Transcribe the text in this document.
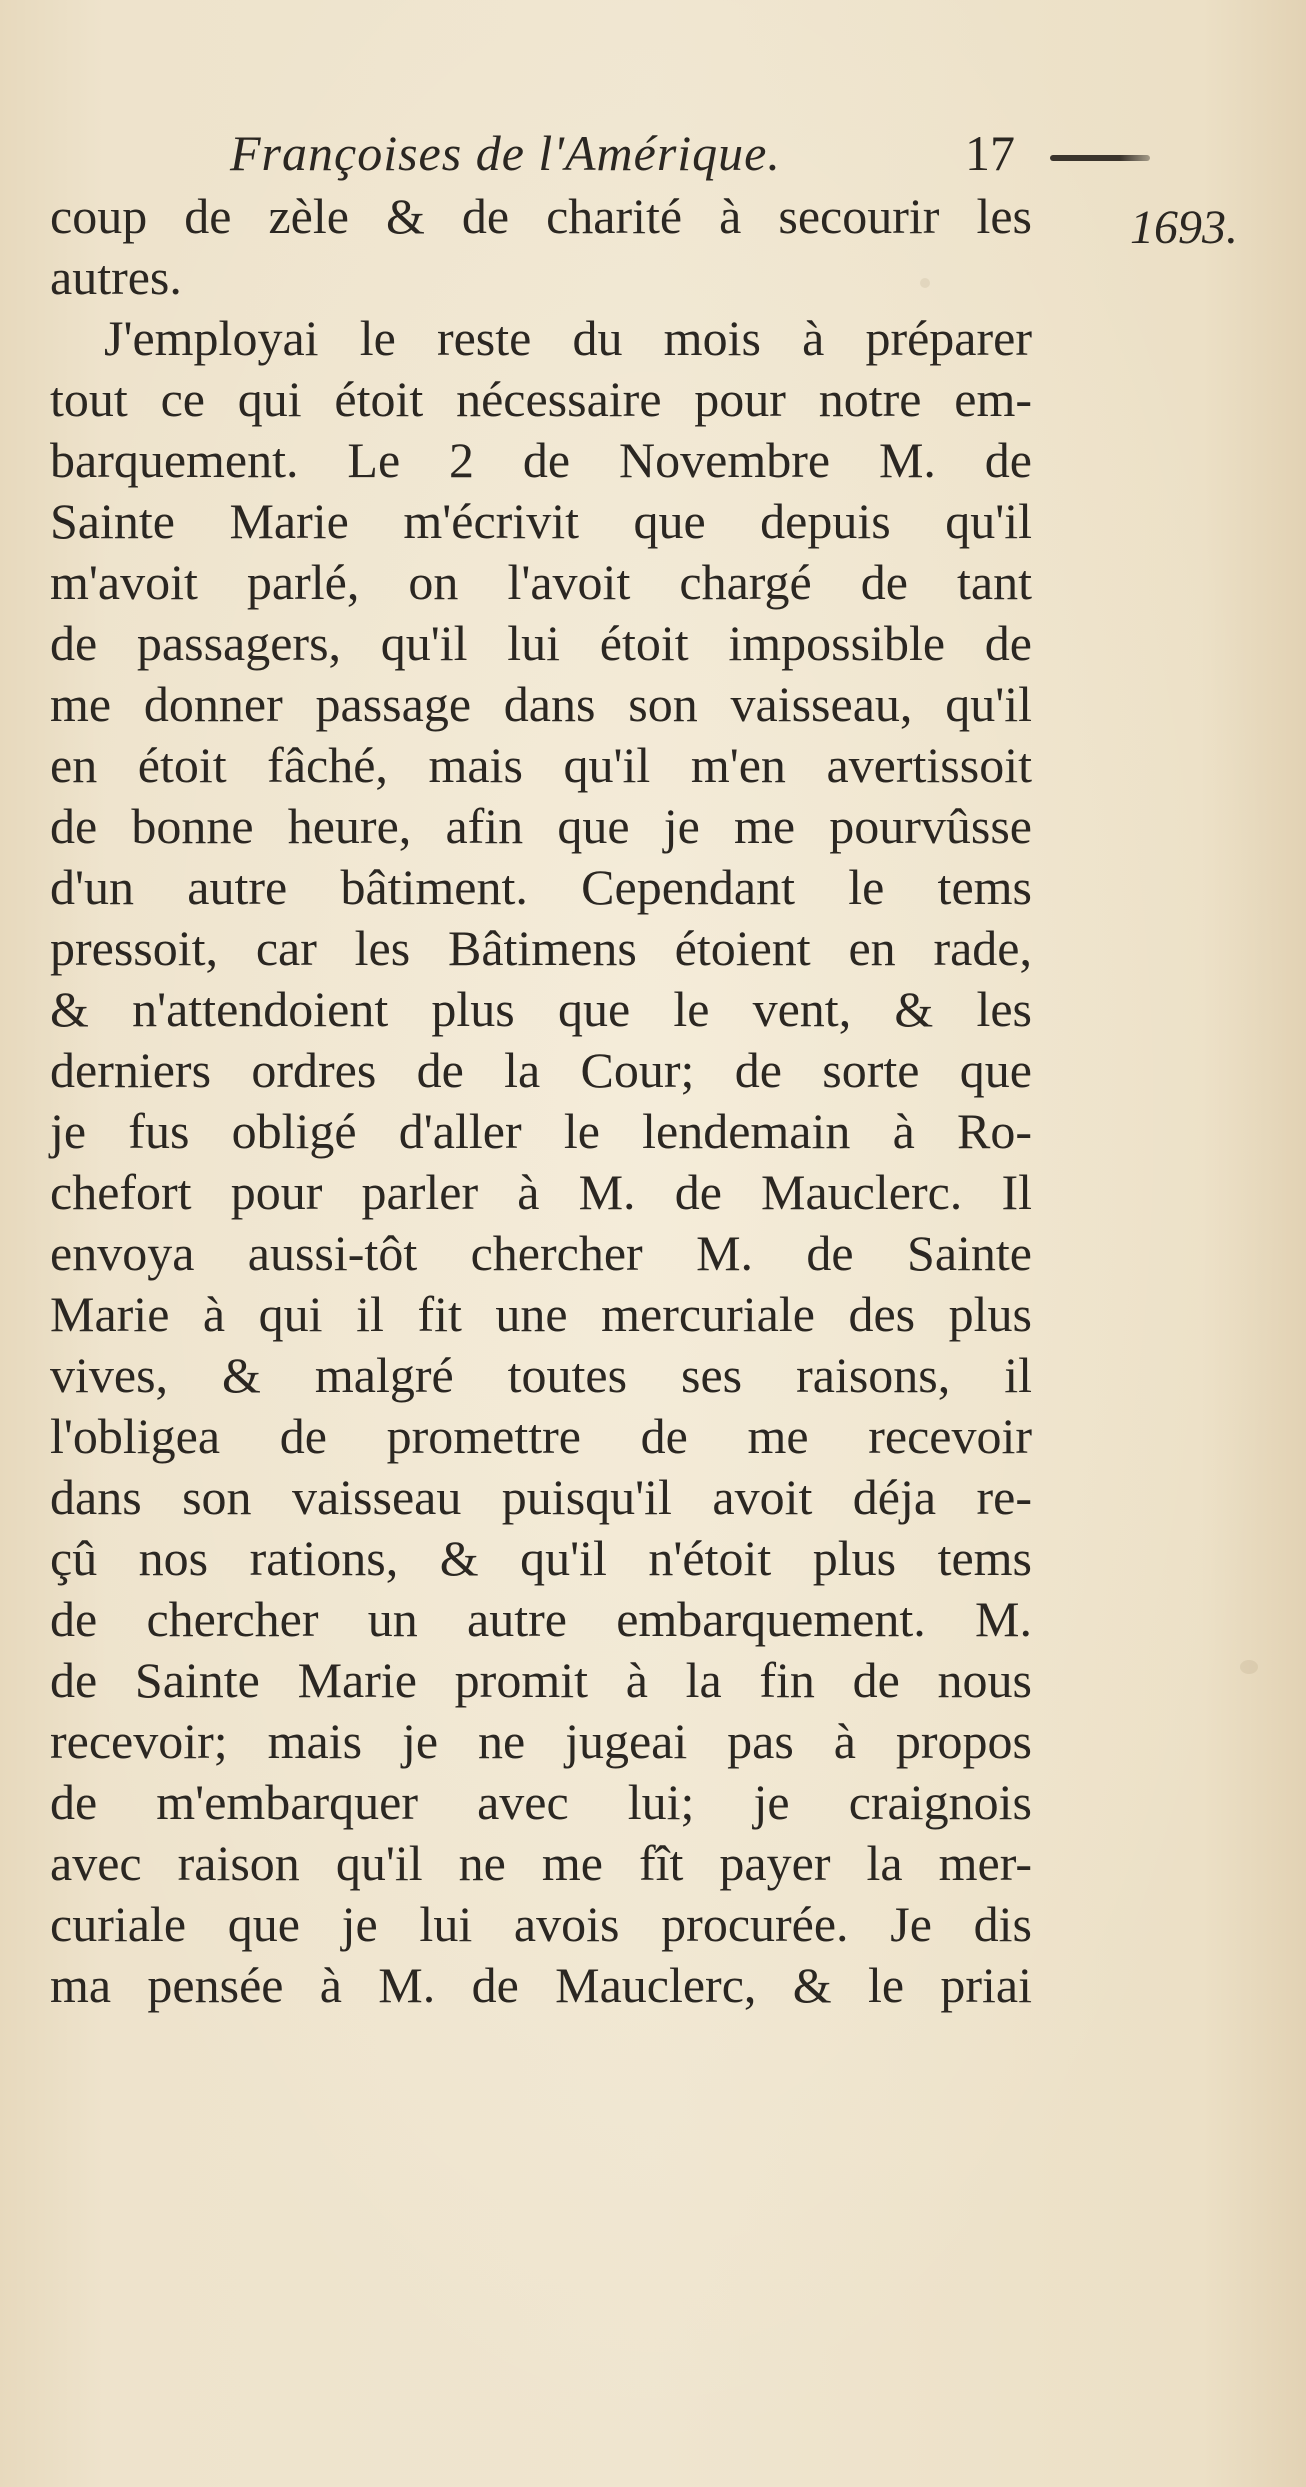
Françoises de l'Amérique.	17
1693.
coup de zèle & de charité à secourir les
autres.
J'employai le reste du mois à préparer
tout ce qui étoit nécessaire pour notre em-
barquement. Le 2 de Novembre M. de
Sainte Marie m'écrivit que depuis qu'il
m'avoit parlé, on l'avoit chargé de tant
de passagers, qu'il lui étoit impossible de
me donner passage dans son vaisseau, qu'il
en étoit fâché, mais qu'il m'en avertissoit
de bonne heure, afin que je me pourvûsse
d'un autre bâtiment. Cependant le tems
pressoit, car les Bâtimens étoient en rade,
& n'attendoient plus que le vent, & les
derniers ordres de la Cour; de sorte que
je fus obligé d'aller le lendemain à Ro-
chefort pour parler à M. de Mauclerc. Il
envoya aussi-tôt chercher M. de Sainte
Marie à qui il fit une mercuriale des plus
vives, & malgré toutes ses raisons, il
l'obligea de promettre de me recevoir
dans son vaisseau puisqu'il avoit déja re-
çû nos rations, & qu'il n'étoit plus tems
de chercher un autre embarquement. M.
de Sainte Marie promit à la fin de nous
recevoir; mais je ne jugeai pas à propos
de m'embarquer avec lui; je craignois
avec raison qu'il ne me fît payer la mer-
curiale que je lui avois procurée. Je dis
ma pensée à M. de Mauclerc, & le priai
